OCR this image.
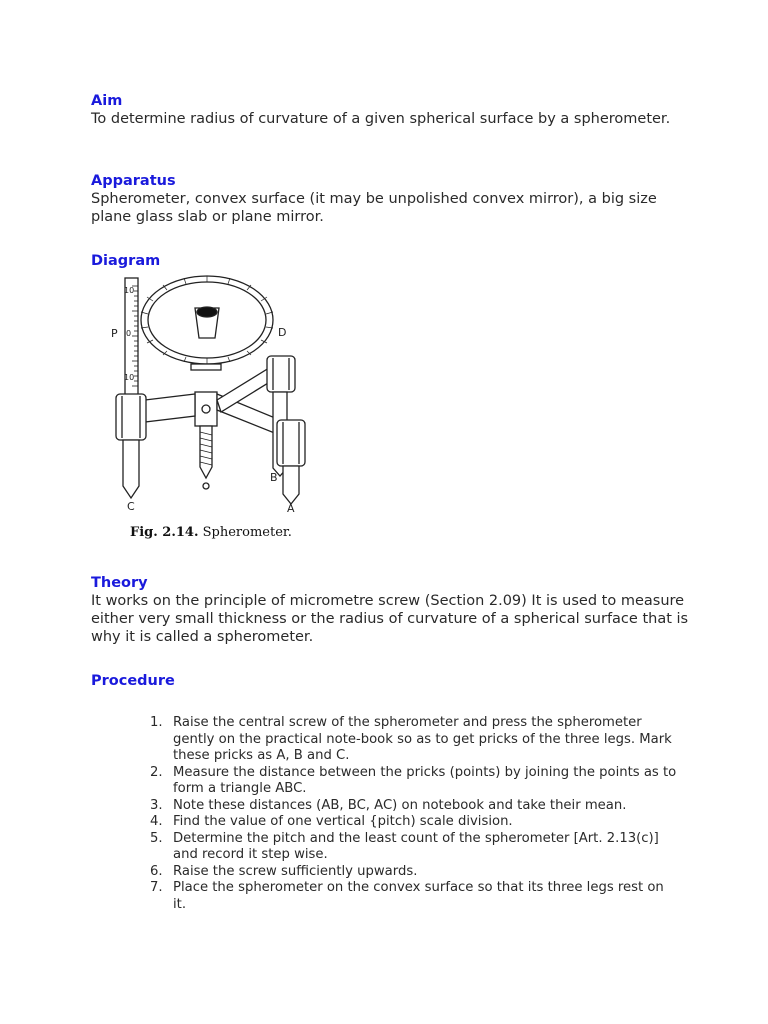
Aim

To determine radius of curvature of a given spherical surface by a spherometer.

Apparatus

Spherometer, convex surface (it may be unpolished convex mirror), a big size plane glass slab or plane mirror.

Diagram
10
0
10
P	D
B
A
C
Fig. 2.14. Spherometer.
Theory

It works on the principle of micrometre screw (Section 2.09) It is used to measure either very small thickness or the radius of curvature of a spherical surface that is why it is called a spherometer.

Procedure
1. Raise the central screw of the spherometer and press the spherometer gently on the practical note-book so as to get pricks of the three legs. Mark these pricks as A, B and C.
2. Measure the distance between the pricks (points) by joining the points as to form a triangle ABC.
3. Note these distances (AB, BC, AC) on notebook and take their mean.
4. Find the value of one vertical {pitch) scale division.
5. Determine the pitch and the least count of the spherometer [Art. 2.13(c)] and record it step wise.
6. Raise the screw sufficiently upwards.
7. Place the spherometer on the convex surface so that its three legs rest on it.
